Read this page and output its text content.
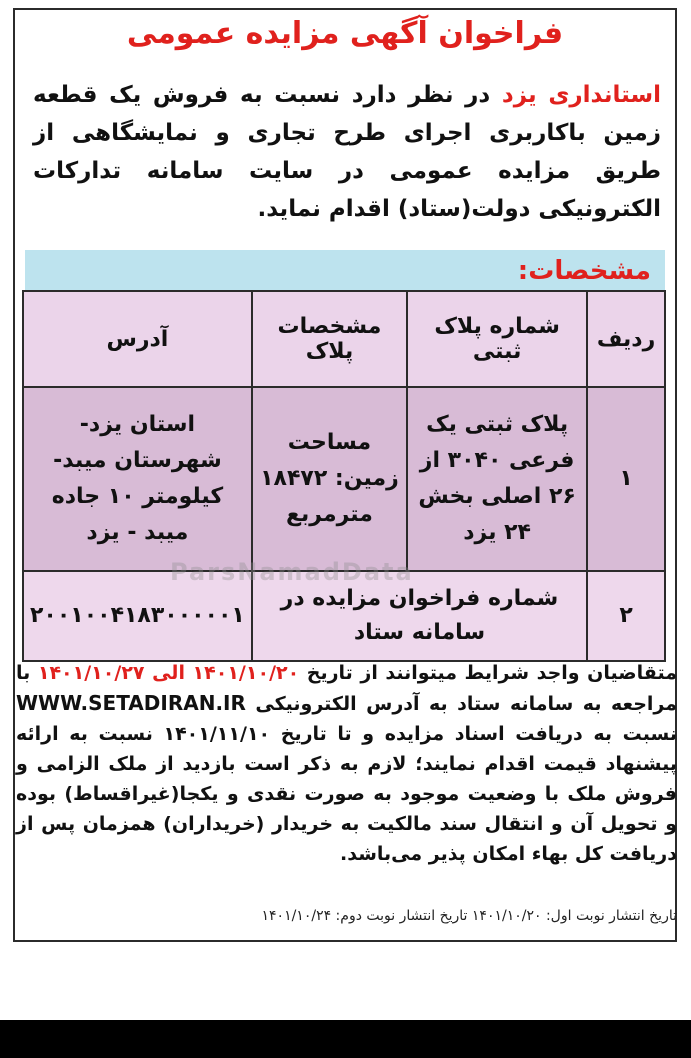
فراخوان آگهی مزایده عمومی
استانداری یزد در نظر دارد نسبت به فروش یک قطعه زمین باکاربری اجرای طرح تجاری و نمایشگاهی از طریق مزایده عمومی در سایت سامانه تدارکات الکترونیکی دولت(ستاد) اقدام نماید.
مشخصات:
ردیف	شماره پلاک ثبتی	مشخصات پلاک	آدرس
۱	پلاک ثبتی یک فرعی ۳۰۴۰ از ۲۶ اصلی بخش ۲۴ یزد	مساحت زمین: ۱۸۴۷۲ مترمربع	استان یزد- شهرستان میبد- کیلومتر ۱۰ جاده میبد - یزد
۲	شماره فراخوان مزایده در سامانه ستاد		۲۰۰۱۰۰۴۱۸۳۰۰۰۰۰۱
ParsNamadData
متقاضیان واجد شرایط میتوانند از تاریخ ۱۴۰۱/۱۰/۲۰ الی ۱۴۰۱/۱۰/۲۷ با مراجعه به سامانه ستاد به آدرس الکترونیکی WWW.SETADIRAN.IR نسبت به دریافت اسناد مزایده و تا تاریخ ۱۴۰۱/۱۱/۱۰ نسبت به ارائه پیشنهاد قیمت اقدام نمایند؛ لازم به ذکر است بازدید از ملک الزامی و فروش ملک با وضعیت موجود به صورت نقدی و یکجا(غیراقساط) بوده و تحویل آن و انتقال سند مالکیت به خریدار (خریداران) همزمان پس از دریافت کل بهاء امکان پذیر می‌باشد.
تاریخ انتشار نوبت اول: ۱۴۰۱/۱۰/۲۰ تاریخ انتشار نوبت دوم: ۱۴۰۱/۱۰/۲۴
